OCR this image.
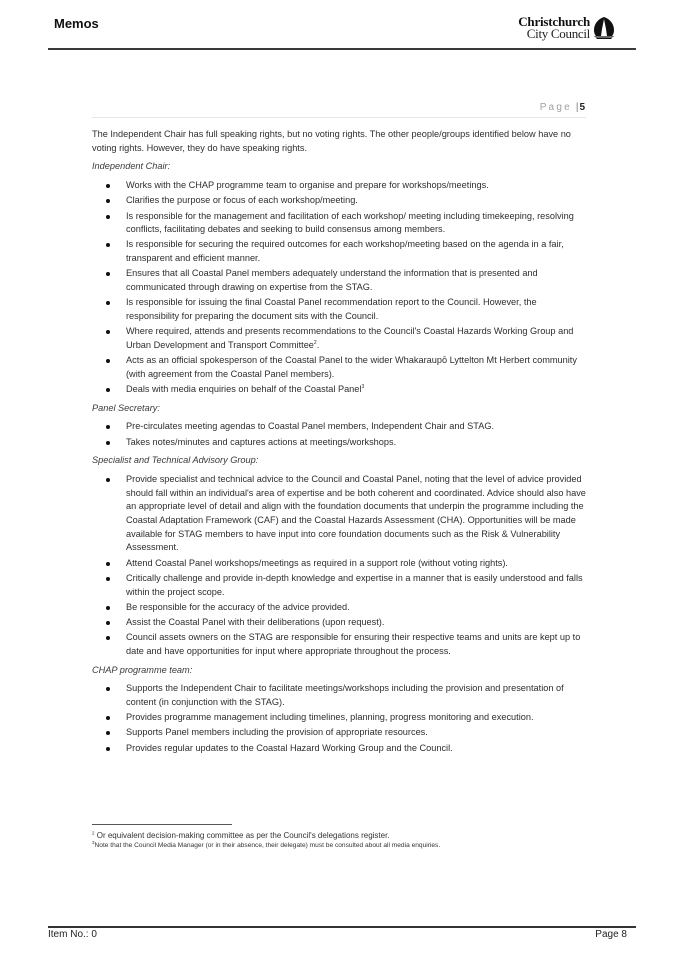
Memos	Christchurch
City Council
Page |5

The Independent Chair has full speaking rights, but no voting rights. The other people/groups identified below have no voting rights. However, they do have speaking rights.

Independent Chair:

Works with the CHAP programme team to organise and prepare for workshops/meetings.
Clarifies the purpose or focus of each workshop/meeting.
Is responsible for the management and facilitation of each workshop/ meeting including timekeeping, resolving conflicts, facilitating debates and seeking to build consensus among members.
Is responsible for securing the required outcomes for each workshop/meeting based on the agenda in a fair, transparent and efficient manner.
Ensures that all Coastal Panel members adequately understand the information that is presented and communicated through drawing on expertise from the STAG.
Is responsible for issuing the final Coastal Panel recommendation report to the Council. However, the responsibility for preparing the document sits with the Council.
Where required, attends and presents recommendations to the Council's Coastal Hazards Working Group and Urban Development and Transport Committee$^2$.
Acts as an official spokesperson of the Coastal Panel to the wider Whakaraupō Lyttelton Mt Herbert community (with agreement from the Coastal Panel members).
Deals with media enquiries on behalf of the Coastal Panel$^3$

Panel Secretary:

Pre-circulates meeting agendas to Coastal Panel members, Independent Chair and STAG.
Takes notes/minutes and captures actions at meetings/workshops.

Specialist and Technical Advisory Group:

Provide specialist and technical advice to the Council and Coastal Panel, noting that the level of advice provided should fall within an individual's area of expertise and be both coherent and coordinated. Advice should also have an appropriate level of detail and align with the foundation documents that underpin the programme including the Coastal Adaptation Framework (CAF) and the Coastal Hazards Assessment (CHA). Opportunities will be made available for STAG members to have input into core foundation documents such as the Risk & Vulnerability Assessment.
Attend Coastal Panel workshops/meetings as required in a support role (without voting rights).
Critically challenge and provide in-depth knowledge and expertise in a manner that is easily understood and falls within the project scope.
Be responsible for the accuracy of the advice provided.
Assist the Coastal Panel with their deliberations (upon request).
Council assets owners on the STAG are responsible for ensuring their respective teams and units are kept up to date and have opportunities for input where appropriate throughout the process.

CHAP programme team:

Supports the Independent Chair to facilitate meetings/workshops including the provision and presentation of content (in conjunction with the STAG).
Provides programme management including timelines, planning, progress monitoring and execution.
Supports Panel members including the provision of appropriate resources.
Provides regular updates to the Coastal Hazard Working Group and the Council.
$^2$ Or equivalent decision-making committee as per the Council's delegations register.
$^3$Note that the Council Media Manager (or in their absence, their delegate) must be consulted about all media enquiries.
Item No.: 0	Page 8
